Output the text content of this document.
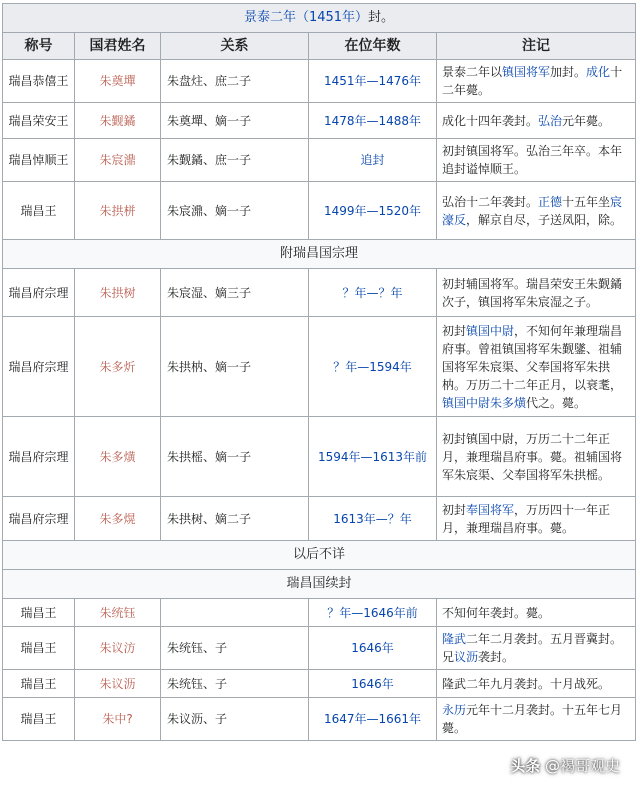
景泰二年（1451年）封。				
称号	国君姓名	关系	在位年数	注记
瑞昌恭僖王	朱奠墠	朱盘炷、庶二子	1451年—1476年	景泰二年以镇国将军加封。成化十二年薨。
瑞昌荣安王	朱觐鐍	朱奠墠、嫡一子	1478年—1488年	成化十四年袭封。弘治元年薨。
瑞昌悼顺王	朱宸濎	朱觐鐍、庶一子	追封	初封镇国将军。弘治三年卒。本年追封谥悼顺王。
瑞昌王	朱拱栟	朱宸濎、嫡一子	1499年—1520年	弘治十二年袭封。正德十五年坐宸濠反，解京自尽，子送凤阳，除。
附瑞昌国宗理				
瑞昌府宗理	朱拱树	朱宸湿、嫡三子	？年—？年	初封辅国将军。瑞昌荣安王朱觐鐍次子，镇国将军朱宸湿之子。
瑞昌府宗理	朱多炘	朱拱枘、嫡一子	？年—1594年	初封镇国中尉，不知何年兼理瑞昌府事。曾祖镇国将军朱觐鐆、祖辅国将军朱宸渠、父奉国将军朱拱枘。万历二十二年正月，以衰耄，镇国中尉朱多熿代之。薨。
瑞昌府宗理	朱多熿	朱拱榣、嫡一子	1594年—1613年前	初封镇国中尉，万历二十二年正月，兼理瑞昌府事。薨。祖辅国将军朱宸渠、父奉国将军朱拱榣。
瑞昌府宗理	朱多熀	朱拱树、嫡二子	1613年—？年	初封奉国将军，万历四十一年正月，兼理瑞昌府事。薨。
以后不详				
瑞昌国续封				
瑞昌王	朱统钰		？年—1646年前	不知何年袭封。薨。
瑞昌王	朱议汸	朱统钰、子	1646年	隆武二年二月袭封。五月晋冀封。兄议沥袭封。
瑞昌王	朱议沥	朱统钰、子	1646年	隆武二年九月袭封。十月战死。
瑞昌王	朱中?	朱议沥、子	1647年—1661年	永历元年十二月袭封。十五年七月薨。
头条 @褐哥观史
